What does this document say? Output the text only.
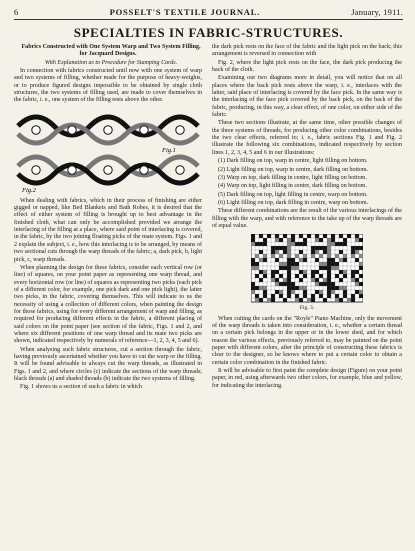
6	POSSELT'S TEXTILE JOURNAL.	January, 1911.
SPECIALTIES IN FABRIC-STRUCTURES.

Fabrics Constructed with One System Warp and Two System Filling, for Jacquard Designs.

With Explanation as to Procedure for Stamping Cards.

In connection with fabrics constructed until now with one system of warp and two systems of filling, whether made for the purpose of heavy-weights, or to produce figured designs impossible to be obtained by single cloth structures, the two systems of filling used, are made to cover themselves in the fabric, i. e., one system of the filling rests above the other.

Fig.1
Fig.2

When dealing with fabrics, which in their process of finishing are either gigged or napped, like Bed Blankets and Bath Robes, it is desired that the effect of either system of filling is brought up to best advantage in the finished cloth, what can only be accomplished provided we arrange the interlacing of the filling at a place, where said point of interlacing is covered, in the fabric, by the two joining floating picks of the mate system. Figs. 1 and 2 explain the subject, i. e., how this interlacing is to be arranged, by means of two sectional cuts through the warp threads of the fabric; a, dark pick, b, light pick, c, warp threads.

When planning the design for these fabrics, consider each vertical row (or line) of squares, on your point paper as representing one warp thread, and every horizontal row (or line) of squares as representing two picks (each pick of a different color, for example, one pick dark and one pick light), the latter two picks, in the fabric, covering themselves. This will indicate to us the necessity of using a collection of different colors, when painting the design for those fabrics, using for every different arrangement of warp and filling, as required for producing different effects in the fabric, a different placing of said colors on the point paper (see section of the fabric, Figs. 1 and 2, and where six different positions of one warp thread and its mate two picks are shown, indicated respectively by numerals of reference—1, 2, 3, 4, 5 and 6).

When analysing such fabric structures, cut a section through the fabric, having previously ascertained whether you have to cut the warp or the filling. It will be found advisable to always cut the warp threads, as illustrated in Figs. 1 and 2, and where circles (c) indicate the sections of the warp threads; black threads (a) and shaded threads (b) indicate the two systems of filling.

Fig. 1 shows us a section of such a fabric in which

the dark pick rests on the face of the fabric and the light pick on the back; this arrangement is reversed in connection with

Fig. 2, where the light pick rests on the face, the dark pick producing the back of the cloth.

Examining our two diagrams more in detail, you will notice that on all places where the back pick rests above the warp, i. e., interlaces with the latter, said place of interlacing is covered by the face pick. In the same way is the interlacing of the face pick covered by the back pick, on the back of the fabric, producing, in this way, a clear effect, of one color, on either side of the fabric.

These two sections illustrate, at the same time, other possible changes of the three systems of threads, for producing other color combinations, besides the two clear effects, referred to; i. e., fabric sections Fig. 1 and Fig. 2 illustrate the following six combinations, indicated respectively by section lines 1, 2, 3, 4, 5 and 6 in our illustrations:

(1) Dark filling on top, warp in centre, light filling on bottom.

(2) Light filling on top, warp in centre, dark filling on bottom.

(3) Warp on top, dark filling in centre, light filling on bottom.

(4) Warp on top, light filling in centre, dark filling on bottom.

(5) Dark filling on top, light filling in centre, warp on bottom.

(6) Light filling on top, dark filling in centre, warp on bottom.

These different combinations are the result of the various interlacings of the filling with the warp, and with reference to the take up of the warp threads are of equal value.

Fig. 3.

When cutting the cards on the "Royle" Piano Machine, only the movement of the warp threads is taken into consideration, i. e., whether a certain thread on a certain pick belongs in the upper or in the lower shed, and for which reason the various effects, previously referred to, may be painted on the point paper with different colors, after the principle of constructing these fabrics is clear to the designer, so he knows where to put a certain color to obtain a certain color combination in the finished fabric.

It will be advisable to first paint the complete design (Figure) on your point paper, in red, using afterwards two other colors, for example, blue and yellow, for indicating the interlacing.
